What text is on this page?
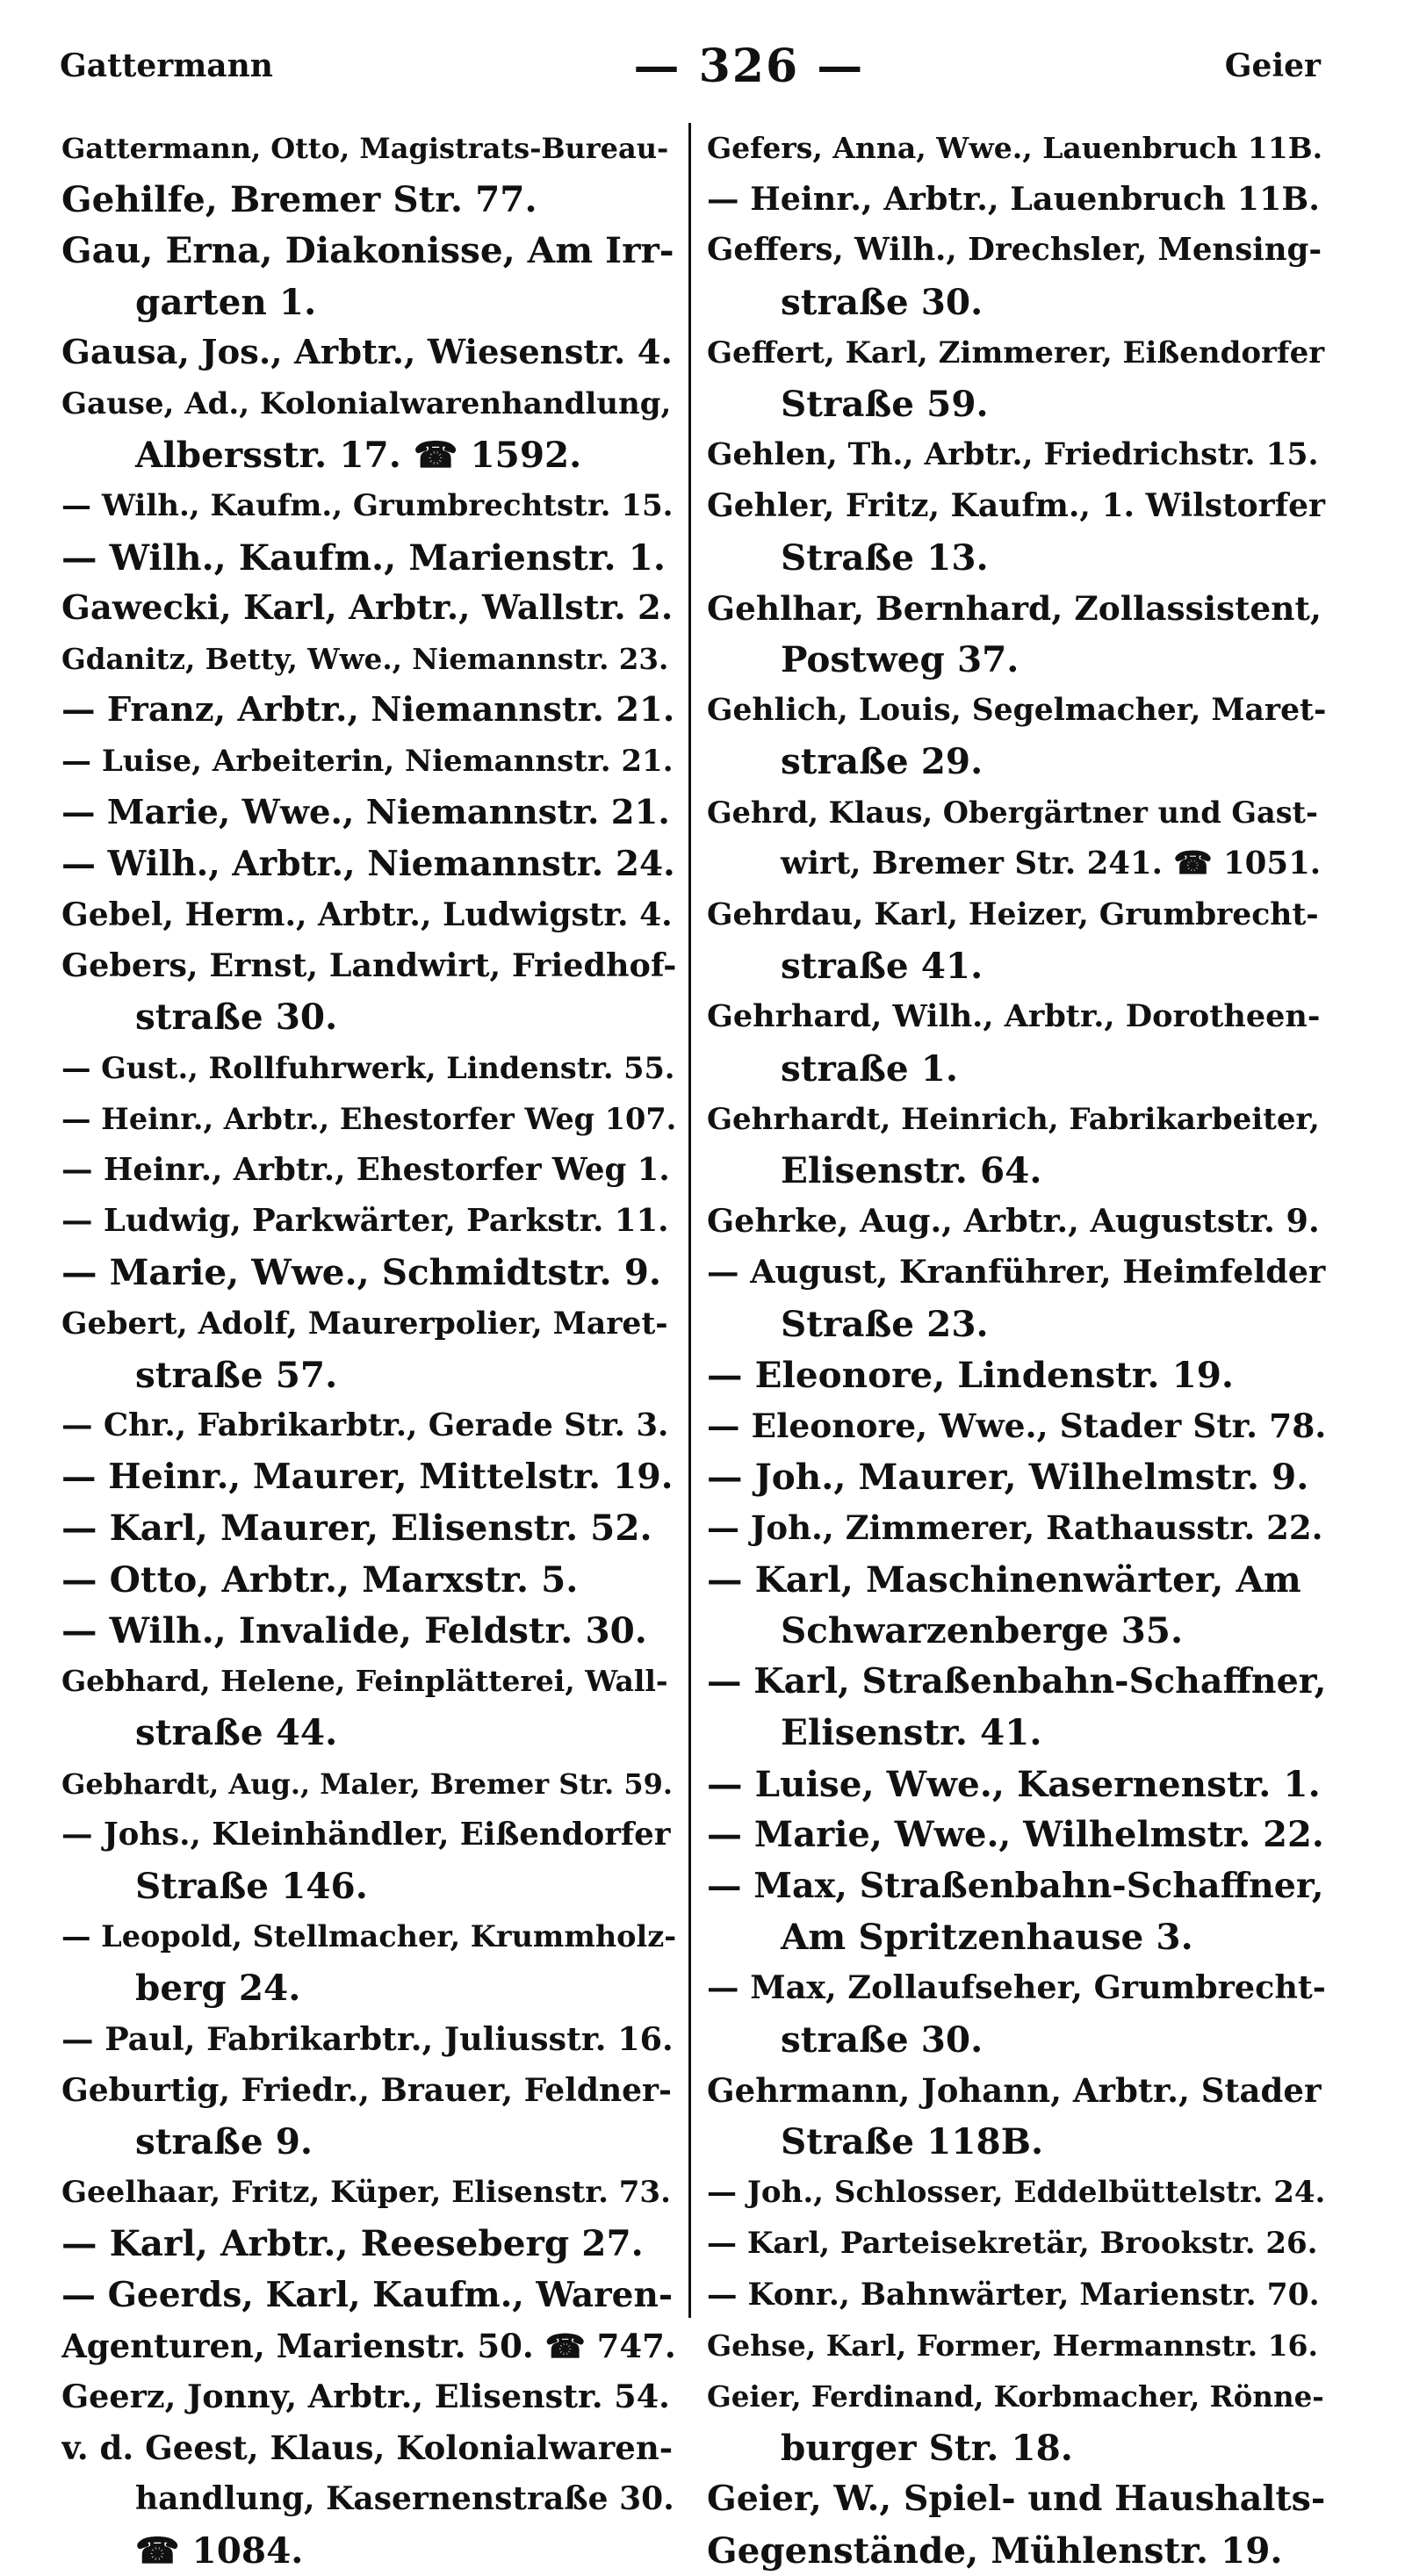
Gattermann	— 326 —	Geier

Gattermann, Otto, Magistrats-Bureau-

Gehilfe, Bremer Str. 77.

Gau, Erna, Diakonisse, Am Irr-

garten 1.

Gausa, Jos., Arbtr., Wiesenstr. 4.

Gause, Ad., Kolonialwarenhandlung,

Albersstr. 17. ☎ 1592.

— Wilh., Kaufm., Grumbrechtstr. 15.

— Wilh., Kaufm., Marienstr. 1.

Gawecki, Karl, Arbtr., Wallstr. 2.

Gdanitz, Betty, Wwe., Niemannstr. 23.

— Franz, Arbtr., Niemannstr. 21.

— Luise, Arbeiterin, Niemannstr. 21.

— Marie, Wwe., Niemannstr. 21.

— Wilh., Arbtr., Niemannstr. 24.

Gebel, Herm., Arbtr., Ludwigstr. 4.

Gebers, Ernst, Landwirt, Friedhof-

straße 30.

— Gust., Rollfuhrwerk, Lindenstr. 55.

— Heinr., Arbtr., Ehestorfer Weg 107.

— Heinr., Arbtr., Ehestorfer Weg 1.

— Ludwig, Parkwärter, Parkstr. 11.

— Marie, Wwe., Schmidtstr. 9.

Gebert, Adolf, Maurerpolier, Maret-

straße 57.

— Chr., Fabrikarbtr., Gerade Str. 3.

— Heinr., Maurer, Mittelstr. 19.

— Karl, Maurer, Elisenstr. 52.

— Otto, Arbtr., Marxstr. 5.

— Wilh., Invalide, Feldstr. 30.

Gebhard, Helene, Feinplätterei, Wall-

straße 44.

Gebhardt, Aug., Maler, Bremer Str. 59.

— Johs., Kleinhändler, Eißendorfer

Straße 146.

— Leopold, Stellmacher, Krummholz-

berg 24.

— Paul, Fabrikarbtr., Juliusstr. 16.

Geburtig, Friedr., Brauer, Feldner-

straße 9.

Geelhaar, Fritz, Küper, Elisenstr. 73.

— Karl, Arbtr., Reeseberg 27.

— Geerds, Karl, Kaufm., Waren-

Agenturen, Marienstr. 50. ☎ 747.

Geerz, Jonny, Arbtr., Elisenstr. 54.

v. d. Geest, Klaus, Kolonialwaren-

handlung, Kasernenstraße 30.

☎ 1084.

Gefers, Anna, Wwe., Lauenbruch 11B.

— Heinr., Arbtr., Lauenbruch 11B.

Geffers, Wilh., Drechsler, Mensing-

straße 30.

Geffert, Karl, Zimmerer, Eißendorfer

Straße 59.

Gehlen, Th., Arbtr., Friedrichstr. 15.

Gehler, Fritz, Kaufm., 1. Wilstorfer

Straße 13.

Gehlhar, Bernhard, Zollassistent,

Postweg 37.

Gehlich, Louis, Segelmacher, Maret-

straße 29.

Gehrd, Klaus, Obergärtner und Gast-

wirt, Bremer Str. 241. ☎ 1051.

Gehrdau, Karl, Heizer, Grumbrecht-

straße 41.

Gehrhard, Wilh., Arbtr., Dorotheen-

straße 1.

Gehrhardt, Heinrich, Fabrikarbeiter,

Elisenstr. 64.

Gehrke, Aug., Arbtr., Auguststr. 9.

— August, Kranführer, Heimfelder

Straße 23.

— Eleonore, Lindenstr. 19.

— Eleonore, Wwe., Stader Str. 78.

— Joh., Maurer, Wilhelmstr. 9.

— Joh., Zimmerer, Rathausstr. 22.

— Karl, Maschinenwärter, Am

Schwarzenberge 35.

— Karl, Straßenbahn-Schaffner,

Elisenstr. 41.

— Luise, Wwe., Kasernenstr. 1.

— Marie, Wwe., Wilhelmstr. 22.

— Max, Straßenbahn-Schaffner,

Am Spritzenhause 3.

— Max, Zollaufseher, Grumbrecht-

straße 30.

Gehrmann, Johann, Arbtr., Stader

Straße 118B.

— Joh., Schlosser, Eddelbüttelstr. 24.

— Karl, Parteisekretär, Brookstr. 26.

— Konr., Bahnwärter, Marienstr. 70.

Gehse, Karl, Former, Hermannstr. 16.

Geier, Ferdinand, Korbmacher, Rönne-

burger Str. 18.

Geier, W., Spiel- und Haushalts-

Gegenstände, Mühlenstr. 19.
